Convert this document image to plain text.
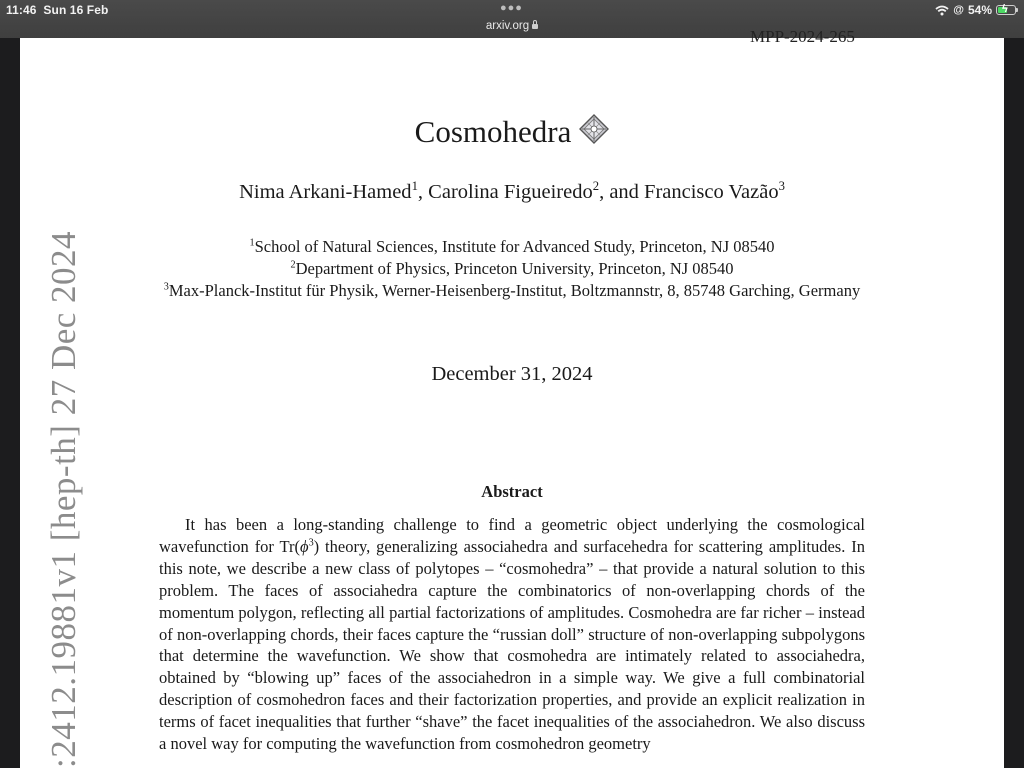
11:46 Sun 16 Feb	●●●
arxiv.org
@ 54% ϟ
MPP-2024-265
:2412.19881v1 [hep-th] 27 Dec 2024
Cosmohedra
Nima Arkani-Hamed$^1$, Carolina Figueiredo$^2$, and Francisco Vazão$^3$
$^1$School of Natural Sciences, Institute for Advanced Study, Princeton, NJ 08540
$^2$Department of Physics, Princeton University, Princeton, NJ 08540
$^3$Max-Planck-Institut für Physik, Werner-Heisenberg-Institut, Boltzmannstr, 8, 85748 Garching, Germany
December 31, 2024
Abstract
It has been a long-standing challenge to find a geometric object underlying the cosmological wavefunction for $Tr(\phi^3)$ theory, generalizing associahedra and surfacehedra for scattering amplitudes. In this note, we describe a new class of polytopes – “cosmohedra” – that provide a natural solution to this problem. The faces of associahedra capture the combinatorics of non-overlapping chords of the momentum polygon, reflecting all partial factorizations of amplitudes. Cosmohedra are far richer – instead of non-overlapping chords, their faces capture the “russian doll” structure of non-overlapping subpolygons that determine the wavefunction. We show that cosmohedra are intimately related to associahedra, obtained by “blowing up” faces of the associahedron in a simple way. We give a full combinatorial description of cosmohedron faces and their factorization properties, and provide an explicit realization in terms of facet inequalities that further “shave” the facet inequalities of the associahedron. We also discuss a novel way for computing the wavefunction from cosmohedron geometry
